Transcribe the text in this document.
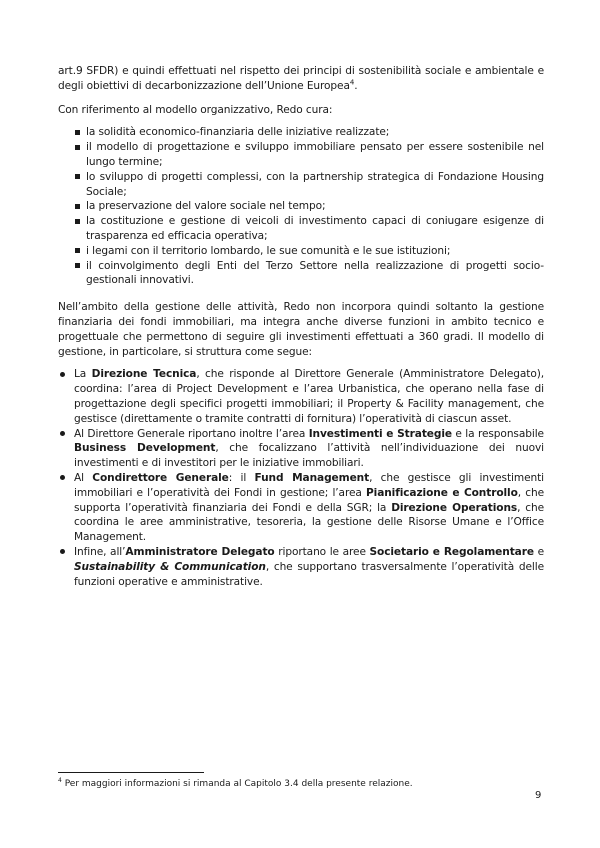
art.9 SFDR) e quindi effettuati nel rispetto dei principi di sostenibilità sociale e ambientale e degli obiettivi di decarbonizzazione dell’Unione Europea$^4$.

Con riferimento al modello organizzativo, Redo cura:

la solidità economico-finanziaria delle iniziative realizzate;
il modello di progettazione e sviluppo immobiliare pensato per essere sostenibile nel lungo termine;
lo sviluppo di progetti complessi, con la partnership strategica di Fondazione Housing Sociale;
la preservazione del valore sociale nel tempo;
la costituzione e gestione di veicoli di investimento capaci di coniugare esigenze di trasparenza ed efficacia operativa;
i legami con il territorio lombardo, le sue comunità e le sue istituzioni;
il coinvolgimento degli Enti del Terzo Settore nella realizzazione di progetti socio-gestionali innovativi.

Nell’ambito della gestione delle attività, Redo non incorpora quindi soltanto la gestione finanziaria dei fondi immobiliari, ma integra anche diverse funzioni in ambito tecnico e progettuale che permettono di seguire gli investimenti effettuati a 360 gradi. Il modello di gestione, in particolare, si struttura come segue:

La Direzione Tecnica, che risponde al Direttore Generale (Amministratore Delegato), coordina: l’area di Project Development e l’area Urbanistica, che operano nella fase di progettazione degli specifici progetti immobiliari; il Property & Facility management, che gestisce (direttamente o tramite contratti di fornitura) l’operatività di ciascun asset.
Al Direttore Generale riportano inoltre l’area Investimenti e Strategie e la responsabile Business Development, che focalizzano l’attività nell’individuazione dei nuovi investimenti e di investitori per le iniziative immobiliari.
Al Condirettore Generale: il Fund Management, che gestisce gli investimenti immobiliari e l’operatività dei Fondi in gestione; l’area Pianificazione e Controllo, che supporta l’operatività finanziaria dei Fondi e della SGR; la Direzione Operations, che coordina le aree amministrative, tesoreria, la gestione delle Risorse Umane e l’Office Management.
Infine, all’Amministratore Delegato riportano le aree Societario e Regolamentare e Sustainability & Communication, che supportano trasversalmente l’operatività delle funzioni operative e amministrative.
$^4$ Per maggiori informazioni si rimanda al Capitolo 3.4 della presente relazione.
9
